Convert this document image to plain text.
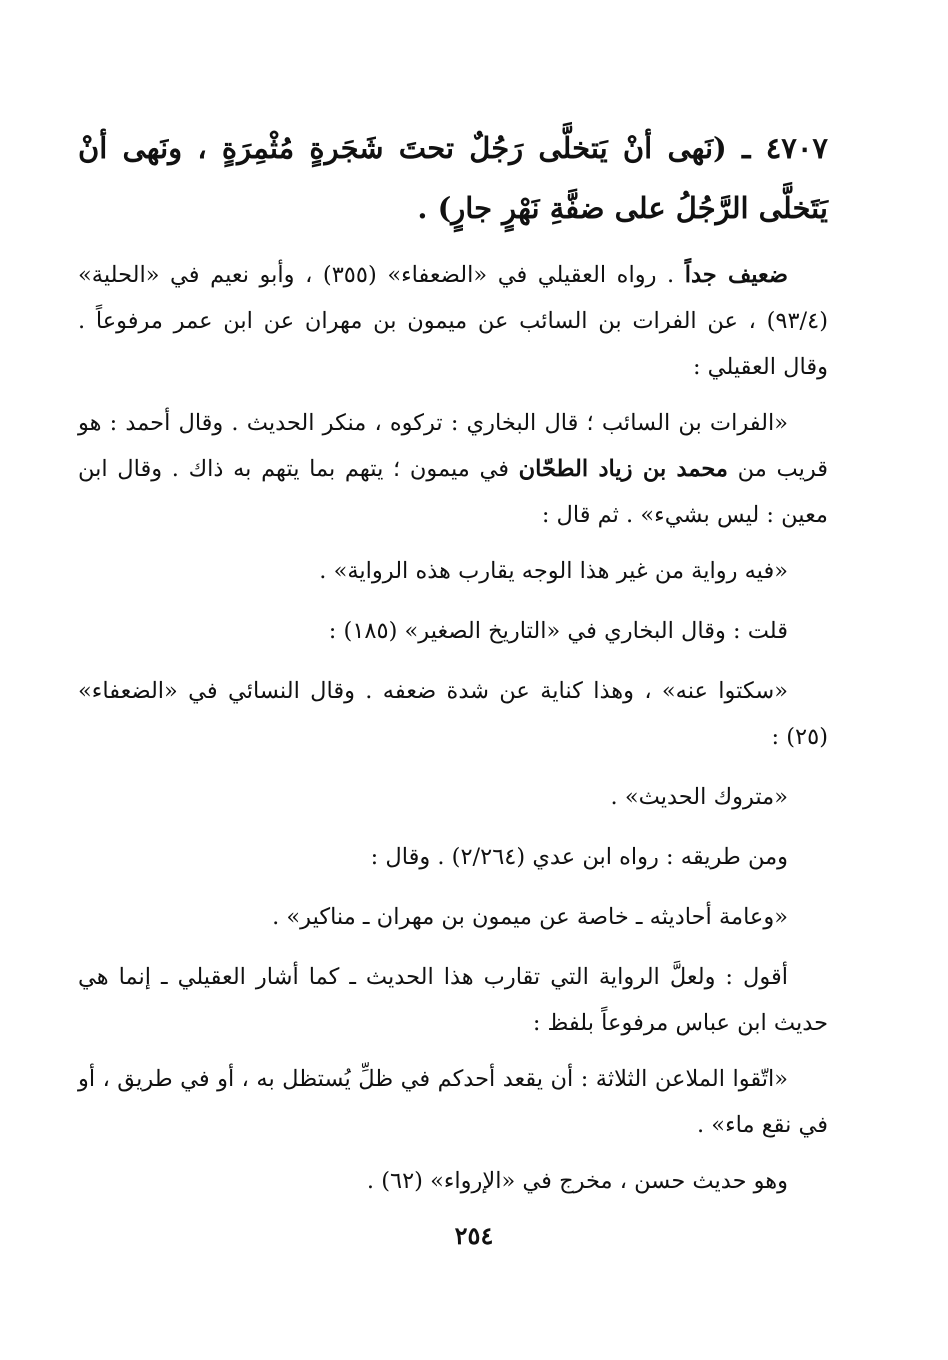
٤٧٠٧ ـ (نَهى أنْ يَتخلَّى رَجُلٌ تحتَ شَجَرةٍ مُثْمِرَةٍ ، ونَهى أنْ يَتَخلَّى الرَّجُلُ على ضفَّةِ نَهْرٍ جارٍ) .

ضعيف جداً . رواه العقيلي في «الضعفاء» (٣٥٥) ، وأبو نعيم في «الحلية» (٩٣/٤) ، عن الفرات بن السائب عن ميمون بن مهران عن ابن عمر مرفوعاً . وقال العقيلي :

«الفرات بن السائب ؛ قال البخاري : تركوه ، منكر الحديث . وقال أحمد : هو قريب من محمد بن زياد الطحّان في ميمون ؛ يتهم بما يتهم به ذاك . وقال ابن معين : ليس بشيء» . ثم قال :

«فيه رواية من غير هذا الوجه يقارب هذه الرواية» .

قلت : وقال البخاري في «التاريخ الصغير» (١٨٥) :

«سكتوا عنه» ، وهذا كناية عن شدة ضعفه . وقال النسائي في «الضعفاء» (٢٥) :

«متروك الحديث» .

ومن طريقه : رواه ابن عدي (٢/٢٦٤) . وقال :

«وعامة أحاديثه ـ خاصة عن ميمون بن مهران ـ مناكير» .

أقول : ولعلَّ الرواية التي تقارب هذا الحديث ـ كما أشار العقيلي ـ إنما هي حديث ابن عباس مرفوعاً بلفظ :

«اتّقوا الملاعن الثلاثة : أن يقعد أحدكم في ظلِّ يُستظل به ، أو في طريق ، أو في نقع ماء» .

وهو حديث حسن ، مخرج في «الإرواء» (٦٢) .

٢٥٤
